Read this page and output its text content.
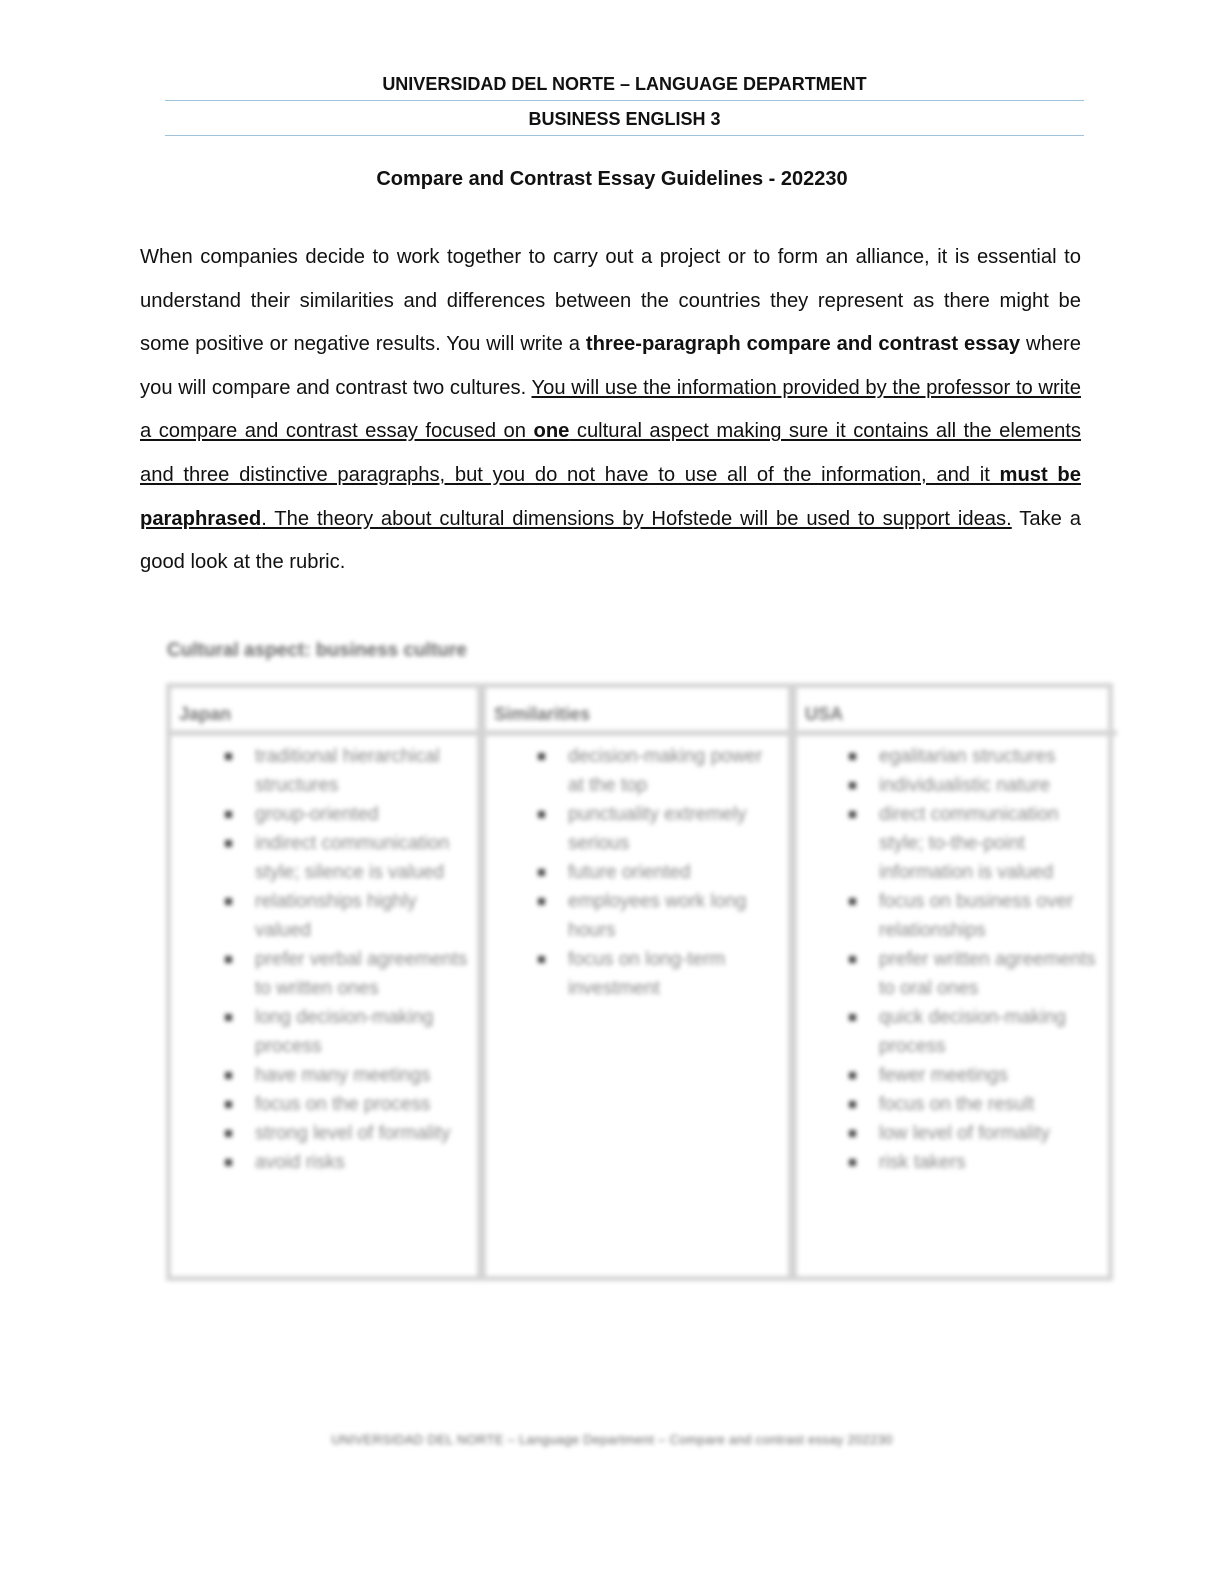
UNIVERSIDAD DEL NORTE – LANGUAGE DEPARTMENT
BUSINESS ENGLISH 3
Compare and Contrast Essay Guidelines - 202230

When companies decide to work together to carry out a project or to form an alliance, it is essential to understand their similarities and differences between the countries they represent as there might be some positive or negative results. You will write a three-paragraph compare and contrast essay where you will compare and contrast two cultures. You will use the information provided by the professor to write a compare and contrast essay focused on one cultural aspect making sure it contains all the elements and three distinctive paragraphs, but you do not have to use all of the information, and it must be paraphrased. The theory about cultural dimensions by Hofstede will be used to support ideas. Take a good look at the rubric.

Cultural aspect: business culture
Japan
traditional hierarchical structures
group-oriented
indirect communication style; silence is valued
relationships highly valued
prefer verbal agreements to written ones
long decision-making process
have many meetings
focus on the process
strong level of formality
avoid risks
Similarities
decision-making power at the top
punctuality extremely serious
future oriented
employees work long hours
focus on long-term investment
USA
egalitarian structures
individualistic nature
direct communication style; to-the-point information is valued
focus on business over relationships
prefer written agreements to oral ones
quick decision-making process
fewer meetings
focus on the result
low level of formality
risk takers
UNIVERSIDAD DEL NORTE – Language Department – Compare and contrast essay 202230
